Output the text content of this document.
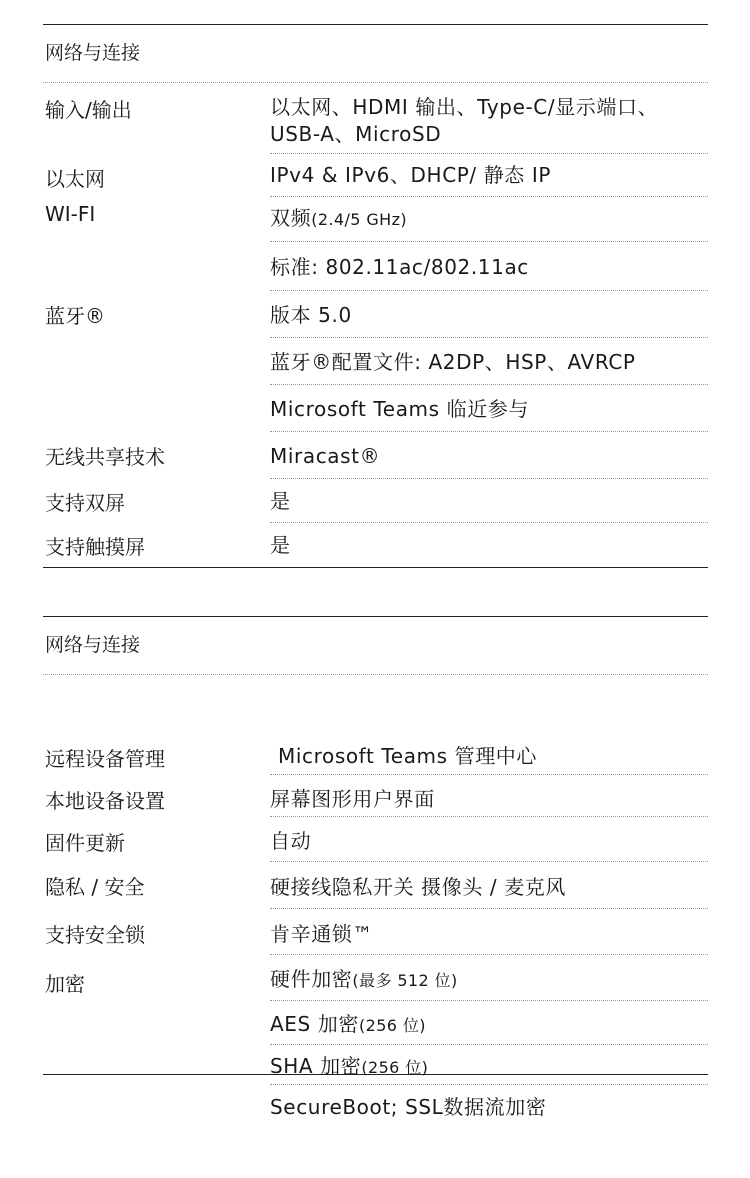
网络与连接
输入/输出	以太网、HDMI 输出、Type-C/显示端口、
USB-A、MicroSD
以太网	IPv4 & IPv6、DHCP/ 静态 IP
WI-FI	双频(2.4/5 GHz)
标准: 802.11ac/802.11ac
蓝牙®	版本 5.0
蓝牙®配置文件: A2DP、HSP、AVRCP
Microsoft Teams 临近参与
无线共享技术	Miracast®
支持双屏	是
支持触摸屏	是
网络与连接
远程设备管理	Microsoft Teams 管理中心
本地设备设置	屏幕图形用户界面
固件更新	自动
隐私 / 安全	硬接线隐私开关 摄像头 / 麦克风
支持安全锁	肯辛通锁™
加密	硬件加密(最多 512 位)
AES 加密(256 位)
SHA 加密(256 位)
SecureBoot; SSL数据流加密
